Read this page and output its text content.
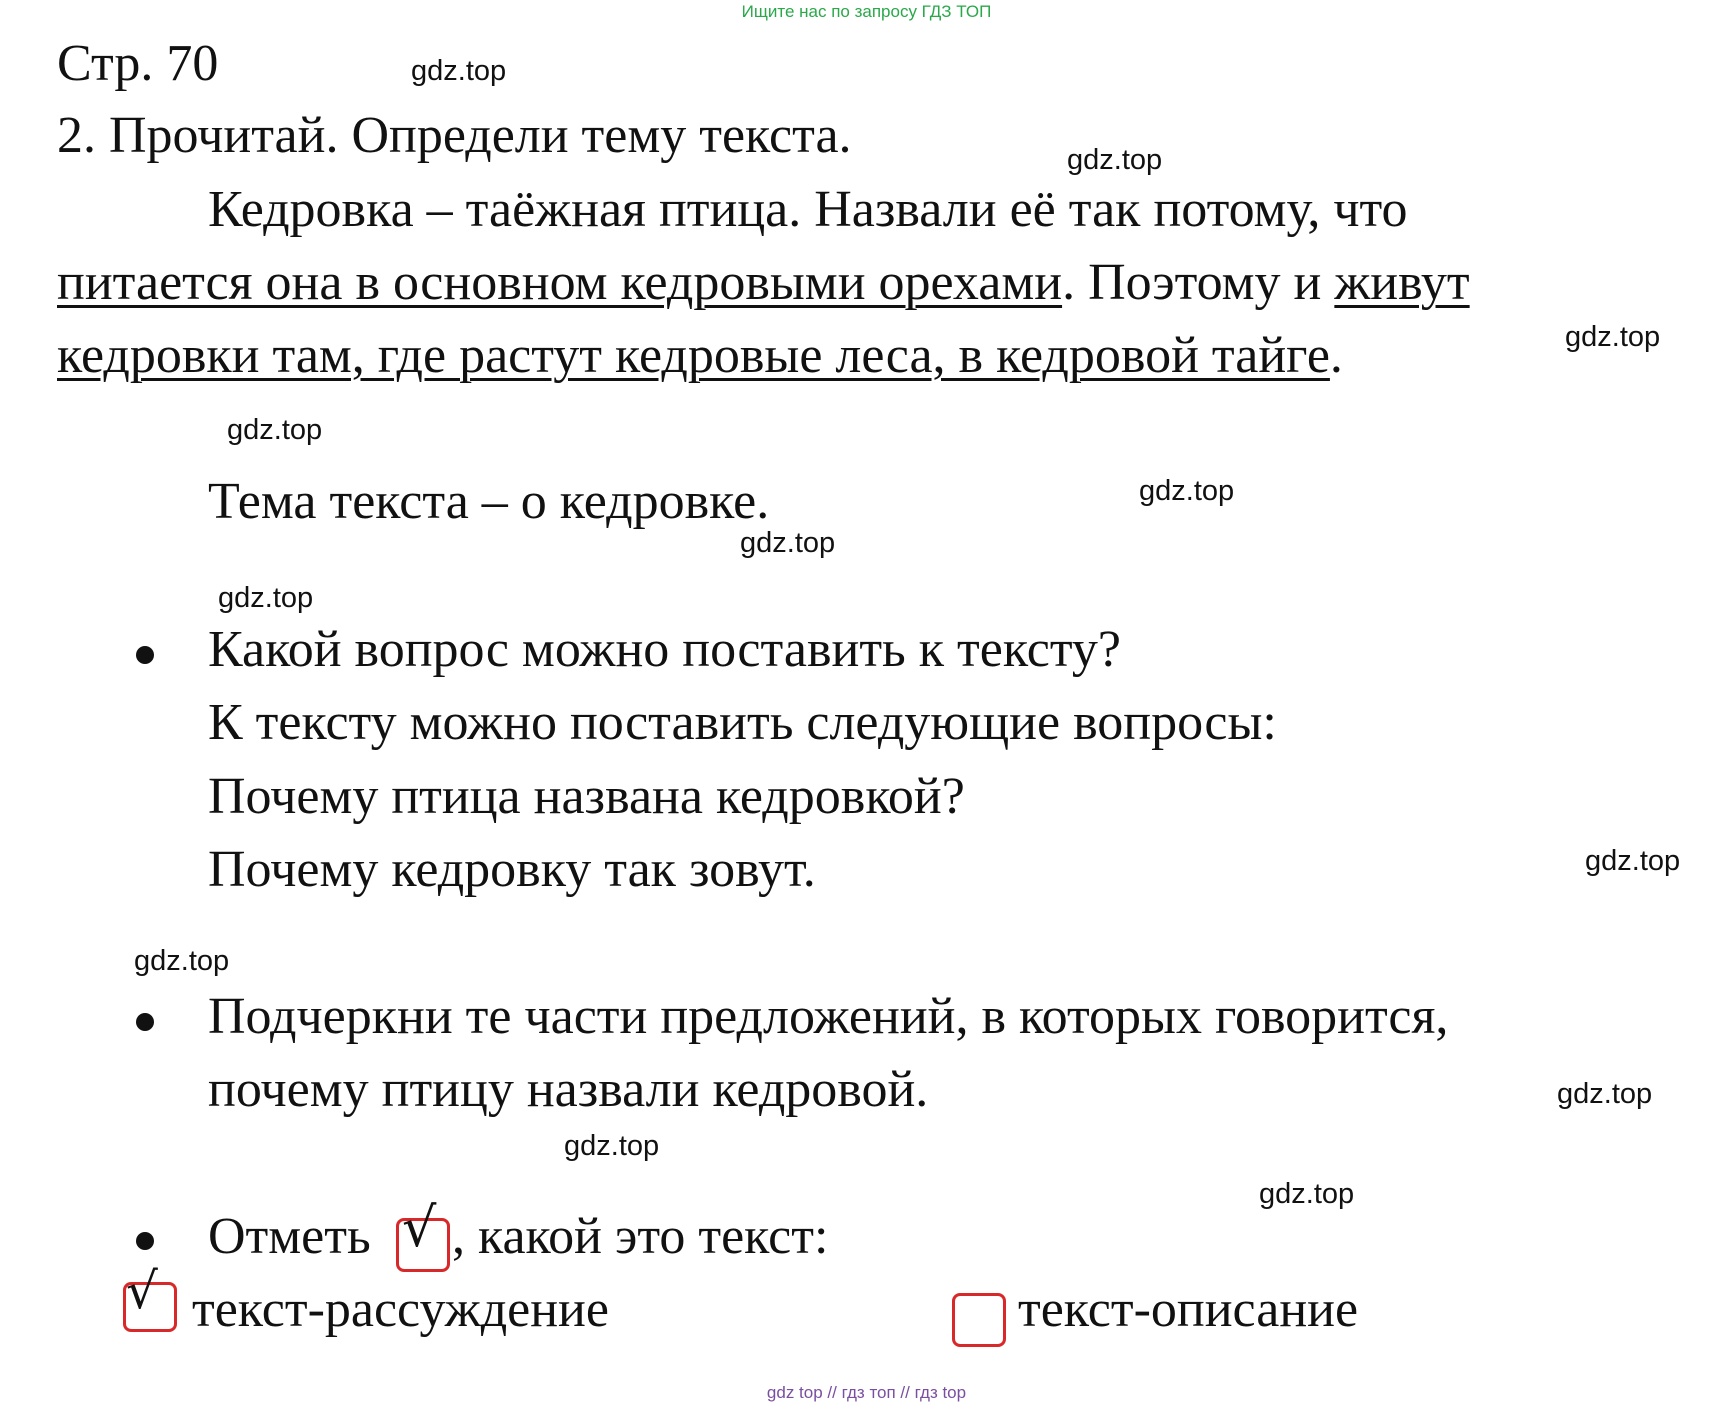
Ищите нас по запросу ГДЗ ТОП
Стр. 70
2. Прочитай. Определи тему текста.
Кедровка – таёжная птица. Назвали её так потому, что
питается она в основном кедровыми орехами. Поэтому и живут
кедровки там, где растут кедровые леса, в кедровой тайге.
Тема текста – о кедровке.
Какой вопрос можно поставить к тексту?
К тексту можно поставить следующие вопросы:
Почему птица названа кедровкой?
Почему кедровку так зовут.
Подчеркни те части предложений, в которых говорится,
почему птицу назвали кедровой.
Отметь √ , какой это текст:
√ текст-рассуждение	текст-описание
gdz.top
gdz.top
gdz.top
gdz.top
gdz.top
gdz.top
gdz.top
gdz.top
gdz.top
gdz.top
gdz.top
gdz.top
gdz top // гдз топ // гдз top
